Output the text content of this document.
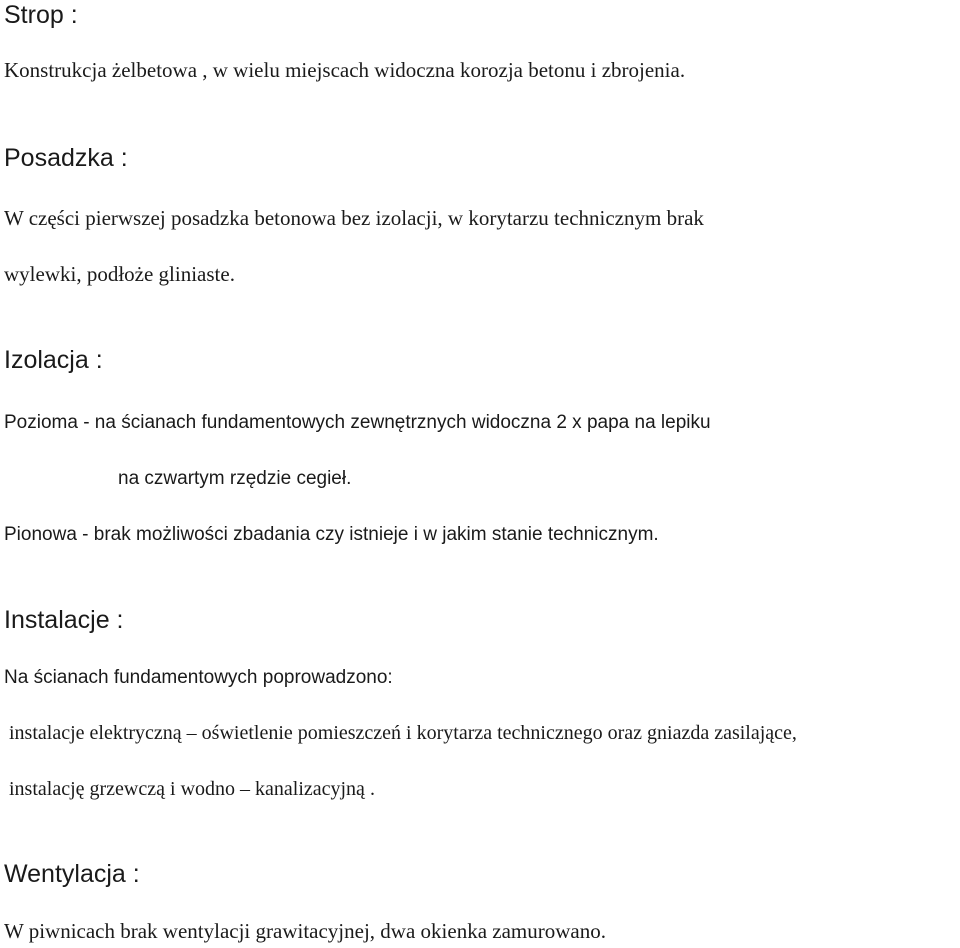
Strop :

Konstrukcja żelbetowa , w wielu miejscach widoczna korozja betonu i zbrojenia.

Posadzka :

W części pierwszej posadzka betonowa bez izolacji, w korytarzu technicznym brak

wylewki, podłoże gliniaste.

Izolacja :

Pozioma - na ścianach fundamentowych zewnętrznych widoczna 2 x papa na lepiku

na czwartym rzędzie cegieł.

Pionowa - brak możliwości zbadania czy istnieje i w jakim stanie technicznym.

Instalacje :

Na ścianach fundamentowych poprowadzono:

instalacje elektryczną – oświetlenie pomieszczeń i korytarza technicznego oraz gniazda zasilające,

instalację grzewczą i wodno – kanalizacyjną .

Wentylacja :

W piwnicach brak wentylacji grawitacyjnej, dwa okienka zamurowano.
